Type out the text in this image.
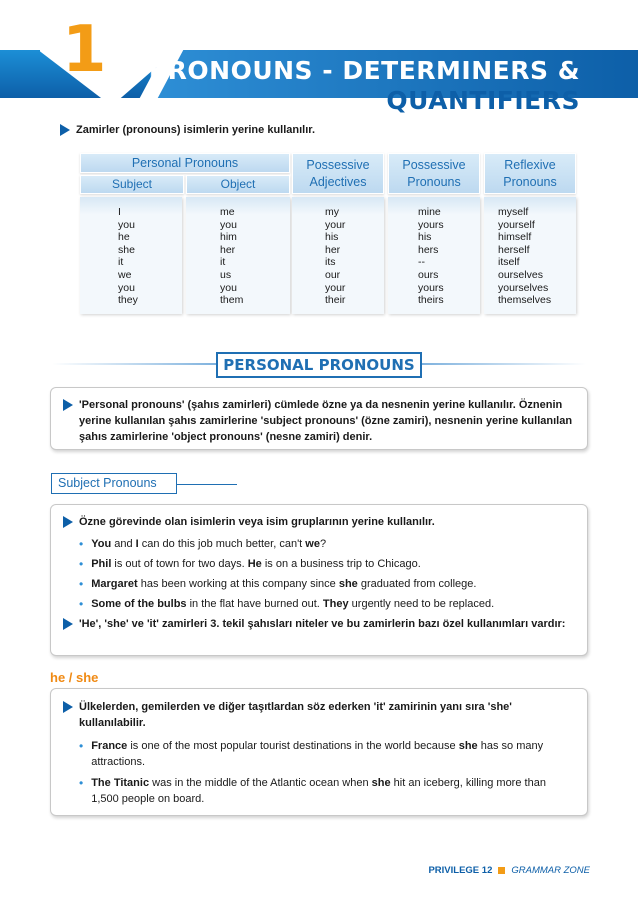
1 PRONOUNS - DETERMINERS &
QUANTIFIERS
Zamirler (pronouns) isimlerin yerine kullanılır.
Personal Pronouns
Subject	Object
I
you
he
she
it
we
you
they
me
you
him
her
it
us
you
them
Possessive Adjectives
my
your
his
her
its
our
your
their
Possessive Pronouns
mine
yours
his
hers
--
ours
yours
theirs
Reflexive Pronouns
myself
yourself
himself
herself
itself
ourselves
yourselves
themselves
PERSONAL PRONOUNS
'Personal pronouns' (şahıs zamirleri) cümlede özne ya da nesnenin yerine kullanılır. Öznenin yerine kullanılan şahıs zamirlerine 'subject pronouns' (özne zamiri), nesnenin yerine kullanılan şahıs zamirlerine 'object pronouns' (nesne zamiri) denir.
Subject Pronouns
Özne görevinde olan isimlerin veya isim gruplarının yerine kullanılır.
• You and I can do this job much better, can't we?
• Phil is out of town for two days. He is on a business trip to Chicago.
• Margaret has been working at this company since she graduated from college.
• Some of the bulbs in the flat have burned out. They urgently need to be replaced.
'He', 'she' ve 'it' zamirleri 3. tekil şahısları niteler ve bu zamirlerin bazı özel kullanımları vardır:
he / she
Ülkelerden, gemilerden ve diğer taşıtlardan söz ederken 'it' zamirinin yanı sıra 'she' kullanılabilir.
• France is one of the most popular tourist destinations in the world because she has so many attractions.
• The Titanic was in the middle of the Atlantic ocean when she hit an iceberg, killing more than 1,500 people on board.
PRIVILEGE 12 GRAMMAR ZONE
